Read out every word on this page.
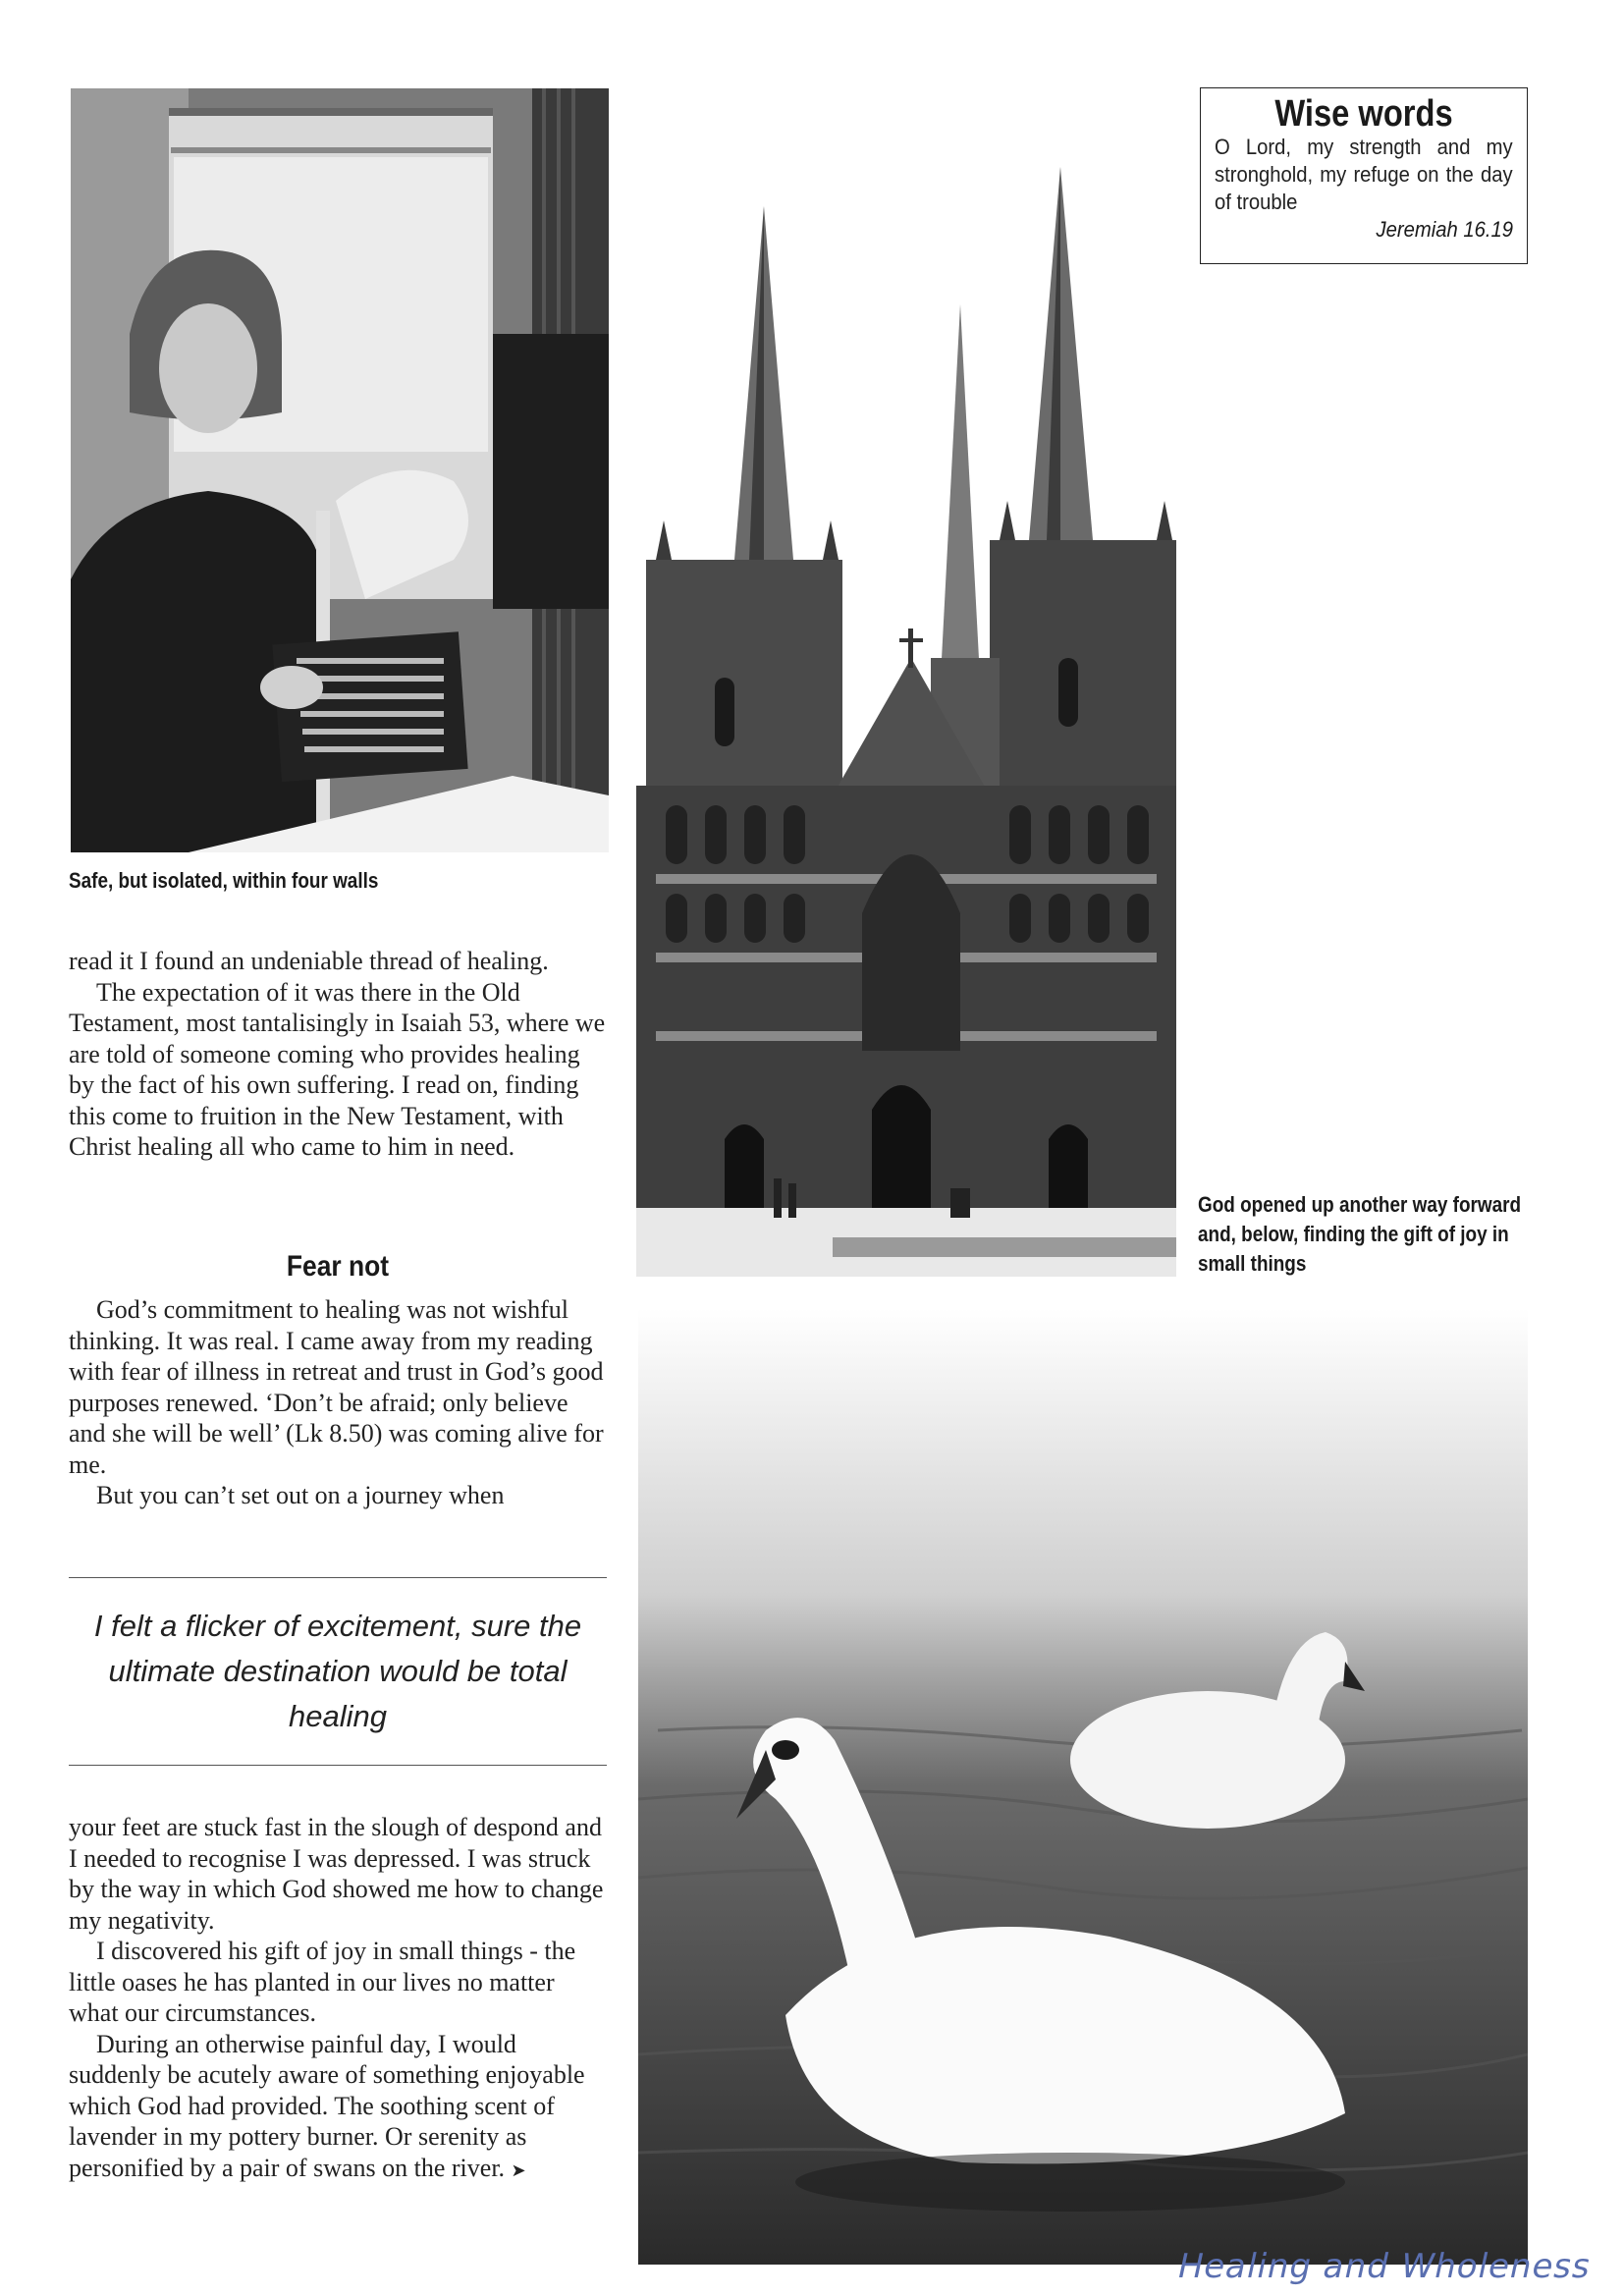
Safe, but isolated, within four walls

read it I found an undeniable thread of healing.

The expectation of it was there in the Old Testament, most tantalisingly in Isaiah 53, where we are told of someone coming who provides healing by the fact of his own suffering. I read on, finding this come to fruition in the New Testament, with Christ healing all who came to him in need.

Fear not

God’s commitment to healing was not wishful thinking. It was real. I came away from my reading with fear of illness in retreat and trust in God’s good purposes renewed. ‘Don’t be afraid; only believe and she will be well’ (Lk 8.50) was coming alive for me.

But you can’t set out on a journey when

I felt a flicker of excitement, sure the ultimate destination would be total healing

your feet are stuck fast in the slough of despond and I needed to recognise I was depressed. I was struck by the way in which God showed me how to change my negativity.

I discovered his gift of joy in small things - the little oases he has planted in our lives no matter what our circumstances.

During an otherwise painful day, I would suddenly be acutely aware of something enjoyable which God had provided. The soothing scent of lavender in my pottery burner. Or serenity as personified by a pair of swans on the river. ➤

God opened up another way forward and, below, finding the gift of joy in small things
Wise words
O Lord, my strength and my stronghold, my refuge on the day of trouble
Jeremiah 16.19
Healing and Wholeness
